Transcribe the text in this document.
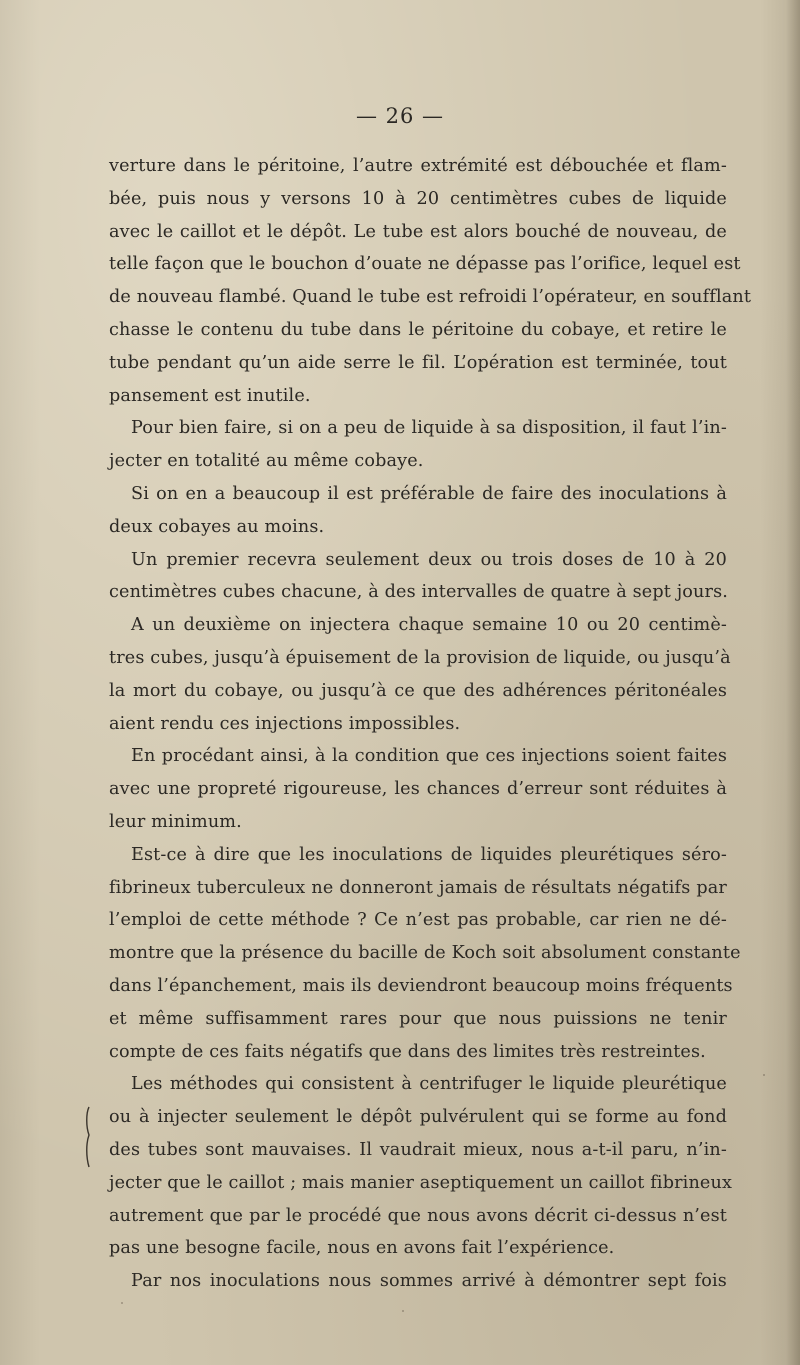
— 26 —
verture dans le péritoine, l’autre extrémité est débouchée et flam-
bée, puis nous y versons 10 à 20 centimètres cubes de liquide
avec le caillot et le dépôt. Le tube est alors bouché de nouveau, de
telle façon que le bouchon d’ouate ne dépasse pas l’orifice, lequel est
de nouveau flambé. Quand le tube est refroidi l’opérateur, en soufflant
chasse le contenu du tube dans le péritoine du cobaye, et retire le
tube pendant qu’un aide serre le fil. L’opération est terminée, tout
pansement est inutile.
Pour bien faire, si on a peu de liquide à sa disposition, il faut l’in-
jecter en totalité au même cobaye.
Si on en a beaucoup il est préférable de faire des inoculations à
deux cobayes au moins.
Un premier recevra seulement deux ou trois doses de 10 à 20
centimètres cubes chacune, à des intervalles de quatre à sept jours.
A un deuxième on injectera chaque semaine 10 ou 20 centimè-
tres cubes, jusqu’à épuisement de la provision de liquide, ou jusqu’à
la mort du cobaye, ou jusqu’à ce que des adhérences péritonéales
aient rendu ces injections impossibles.
En procédant ainsi, à la condition que ces injections soient faites
avec une propreté rigoureuse, les chances d’erreur sont réduites à
leur minimum.
Est-ce à dire que les inoculations de liquides pleurétiques séro-
fibrineux tuberculeux ne donneront jamais de résultats négatifs par
l’emploi de cette méthode ? Ce n’est pas probable, car rien ne dé-
montre que la présence du bacille de Koch soit absolument constante
dans l’épanchement, mais ils deviendront beaucoup moins fréquents
et même suffisamment rares pour que nous puissions ne tenir
compte de ces faits négatifs que dans des limites très restreintes.
Les méthodes qui consistent à centrifuger le liquide pleurétique
ou à injecter seulement le dépôt pulvérulent qui se forme au fond
des tubes sont mauvaises. Il vaudrait mieux, nous a-t-il paru, n’in-
jecter que le caillot ; mais manier aseptiquement un caillot fibrineux
autrement que par le procédé que nous avons décrit ci-dessus n’est
pas une besogne facile, nous en avons fait l’expérience.
Par nos inoculations nous sommes arrivé à démontrer sept fois
